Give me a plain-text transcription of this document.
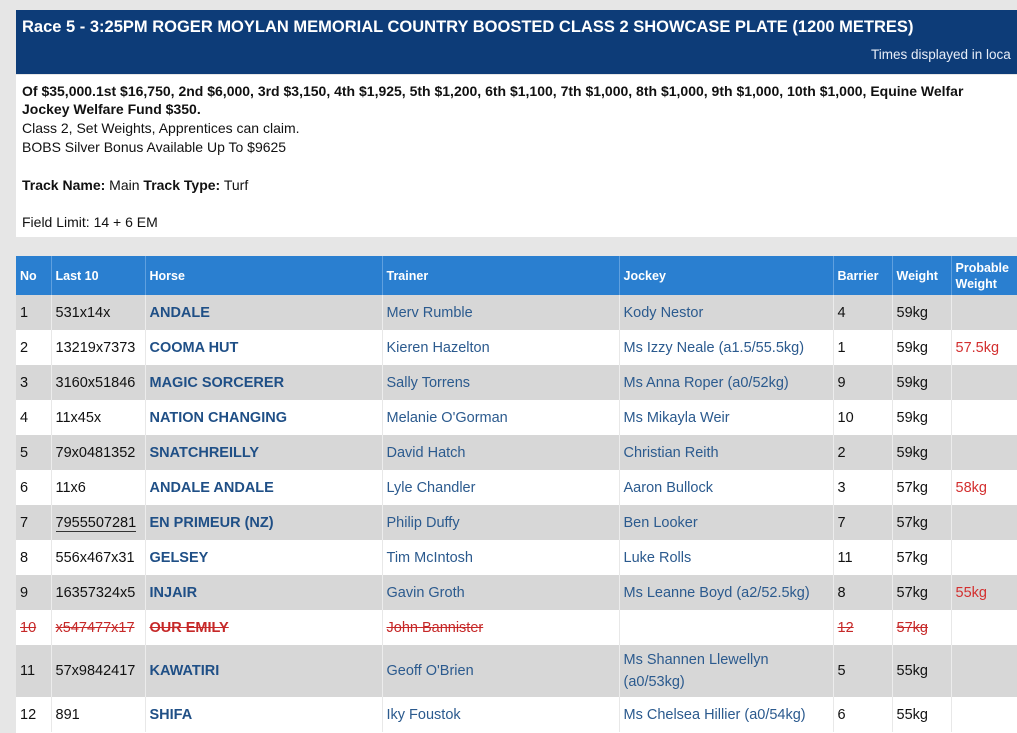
Race 5 - 3:25PM ROGER MOYLAN MEMORIAL COUNTRY BOOSTED CLASS 2 SHOWCASE PLATE (1200 METRES)
Times displayed in loca
Of $35,000.1st $16,750, 2nd $6,000, 3rd $3,150, 4th $1,925, 5th $1,200, 6th $1,100, 7th $1,000, 8th $1,000, 9th $1,000, 10th $1,000, Equine Welfar
Jockey Welfare Fund $350.
Class 2, Set Weights, Apprentices can claim.
BOBS Silver Bonus Available Up To $9625
Track Name: Main Track Type: Turf
Field Limit: 14 + 6 EM
No	Last 10	Horse	Trainer	Jockey	Barrier	Weight	Probable Weight
1	531x14x	ANDALE	Merv Rumble	Kody Nestor	4	59kg	
2	13219x7373	COOMA HUT	Kieren Hazelton	Ms Izzy Neale (a1.5/55.5kg)	1	59kg	57.5kg
3	3160x51846	MAGIC SORCERER	Sally Torrens	Ms Anna Roper (a0/52kg)	9	59kg	
4	11x45x	NATION CHANGING	Melanie O'Gorman	Ms Mikayla Weir	10	59kg	
5	79x0481352	SNATCHREILLY	David Hatch	Christian Reith	2	59kg	
6	11x6	ANDALE ANDALE	Lyle Chandler	Aaron Bullock	3	57kg	58kg
7	7955507281	EN PRIMEUR (NZ)	Philip Duffy	Ben Looker	7	57kg	
8	556x467x31	GELSEY	Tim McIntosh	Luke Rolls	11	57kg	
9	16357324x5	INJAIR	Gavin Groth	Ms Leanne Boyd (a2/52.5kg)	8	57kg	55kg
10	x547477x17	OUR EMILY	John Bannister		12	57kg	
11	57x9842417	KAWATIRI	Geoff O'Brien	Ms Shannen Llewellyn (a0/53kg)	5	55kg	
12	891	SHIFA	Iky Foustok	Ms Chelsea Hillier (a0/54kg)	6	55kg	
